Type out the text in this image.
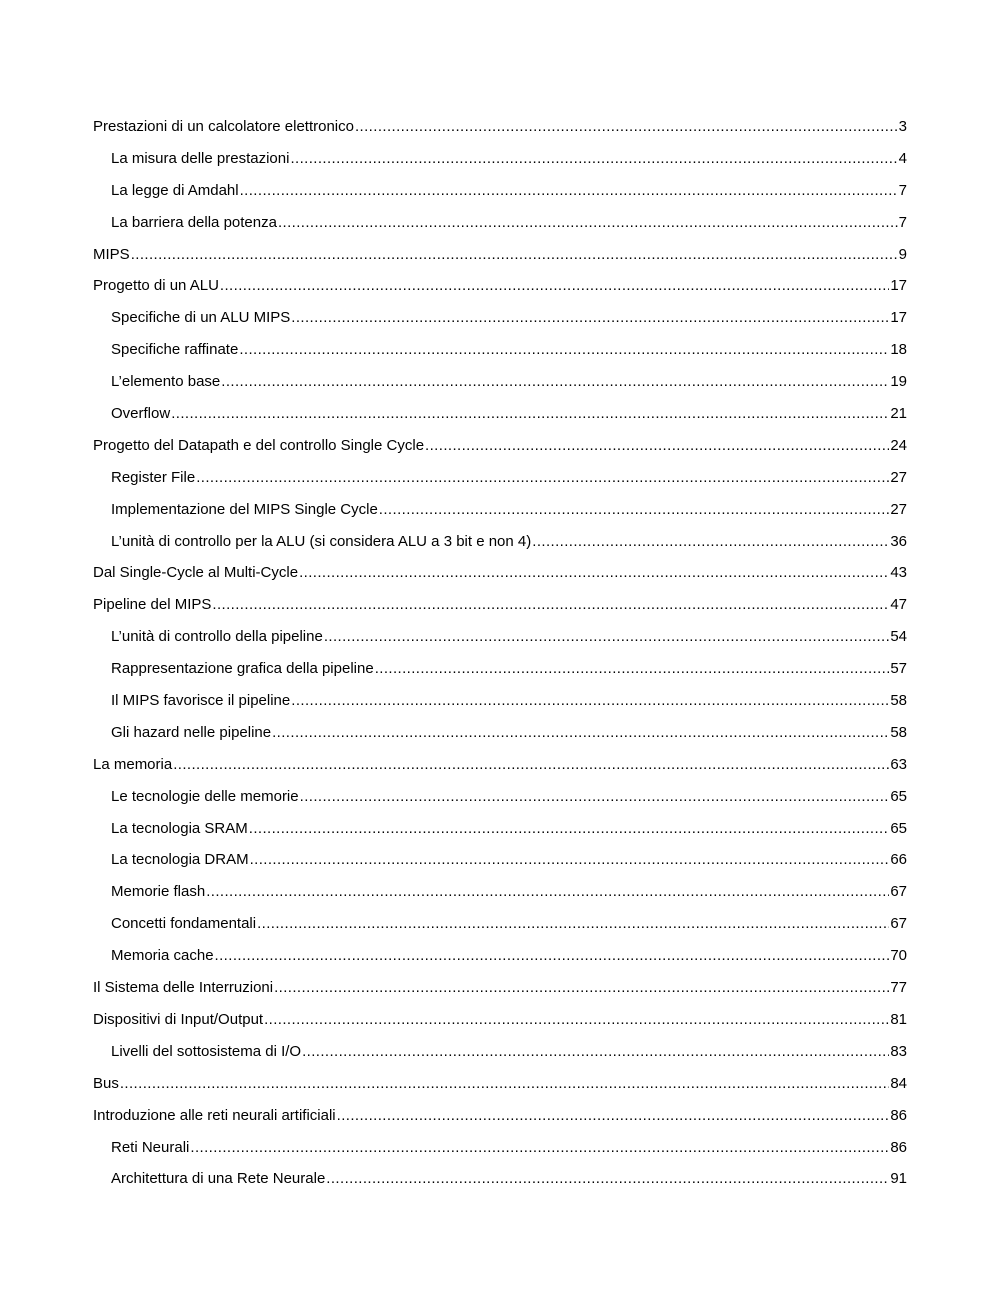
Prestazioni di un calcolatore elettronico .....	3
La misura delle prestazioni .....	4
La legge di Amdahl .....	7
La barriera della potenza .....	7
MIPS .....	9
Progetto di un ALU .....	17
Specifiche di un ALU MIPS .....	17
Specifiche raffinate .....	18
L’elemento base .....	19
Overflow .....	21
Progetto del Datapath e del controllo Single Cycle .....	24
Register File .....	27
Implementazione del MIPS Single Cycle .....	27
L’unità di controllo per la ALU (si considera ALU a 3 bit e non 4) .....	36
Dal Single-Cycle al Multi-Cycle .....	43
Pipeline del MIPS .....	47
L’unità di controllo della pipeline .....	54
Rappresentazione grafica della pipeline .....	57
Il MIPS favorisce il pipeline .....	58
Gli hazard nelle pipeline .....	58
La memoria .....	63
Le tecnologie delle memorie .....	65
La tecnologia SRAM .....	65
La tecnologia DRAM .....	66
Memorie flash .....	67
Concetti fondamentali .....	67
Memoria cache .....	70
Il Sistema delle Interruzioni .....	77
Dispositivi di Input/Output .....	81
Livelli del sottosistema di I/O .....	83
Bus .....	84
Introduzione alle reti neurali artificiali .....	86
Reti Neurali .....	86
Architettura di una Rete Neurale .....	91
